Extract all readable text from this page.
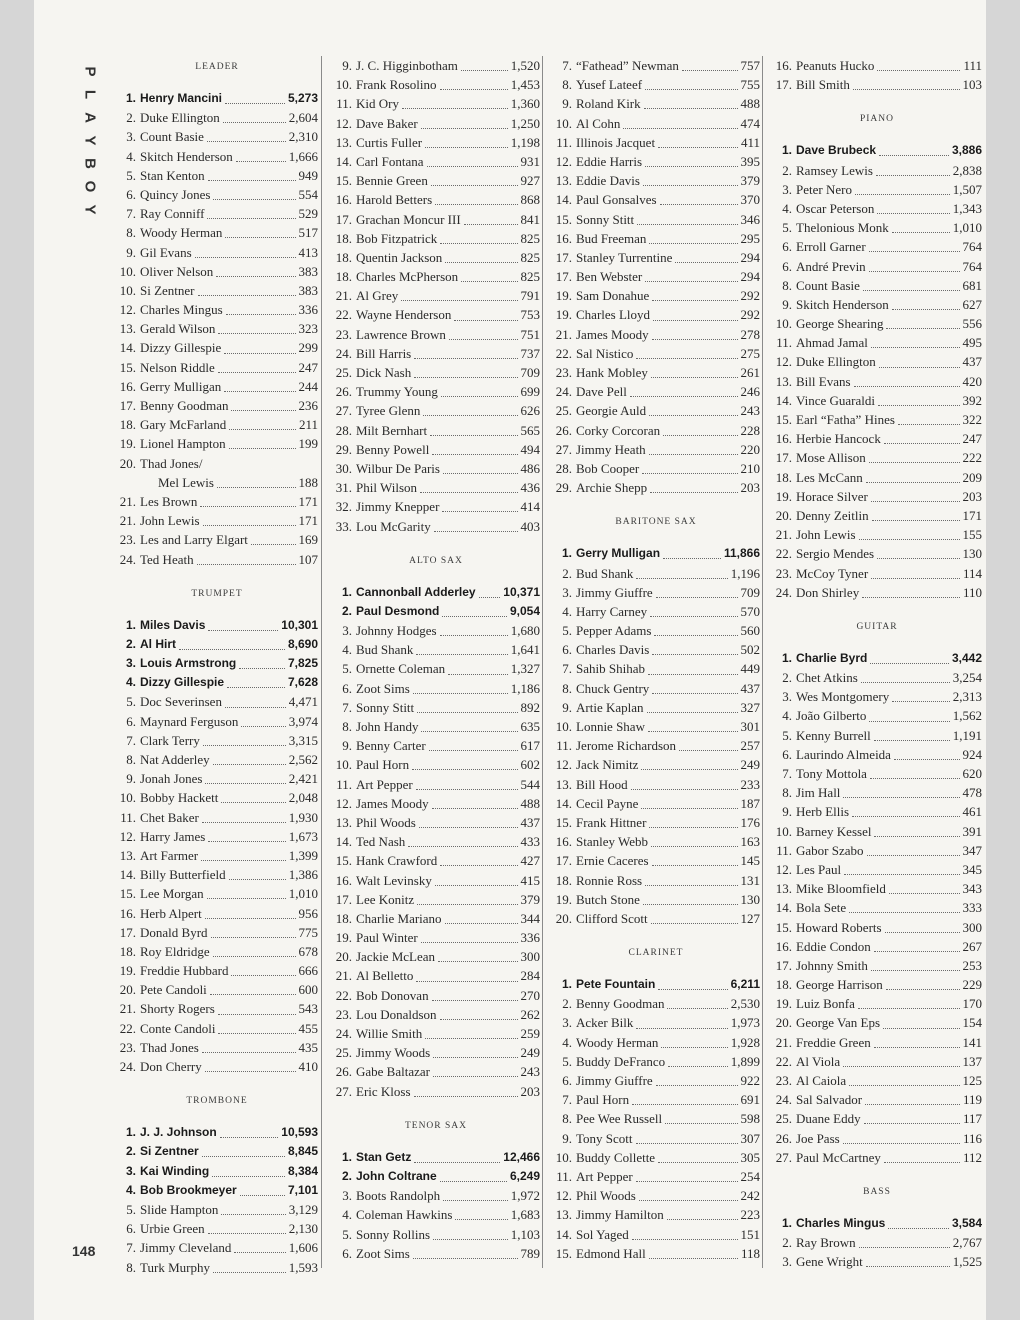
P
L
A
Y
B
O
Y
148
LEADER
1. Henry Mancini	5,273
2. Duke Ellington	2,604
3. Count Basie	2,310
4. Skitch Henderson	1,666
5. Stan Kenton	949
6. Quincy Jones	554
7. Ray Conniff	529
8. Woody Herman	517
9. Gil Evans	413
10. Oliver Nelson	383
10. Si Zentner	383
12. Charles Mingus	336
13. Gerald Wilson	323
14. Dizzy Gillespie	299
15. Nelson Riddle	247
16. Gerry Mulligan	244
17. Benny Goodman	236
18. Gary McFarland	211
19. Lionel Hampton	199
20. Thad Jones/
Mel Lewis	188
21. Les Brown	171
21. John Lewis	171
23. Les and Larry Elgart	169
24. Ted Heath	107
TRUMPET
1. Miles Davis	10,301
2. Al Hirt	8,690
3. Louis Armstrong	7,825
4. Dizzy Gillespie	7,628
5. Doc Severinsen	4,471
6. Maynard Ferguson	3,974
7. Clark Terry	3,315
8. Nat Adderley	2,562
9. Jonah Jones	2,421
10. Bobby Hackett	2,048
11. Chet Baker	1,930
12. Harry James	1,673
13. Art Farmer	1,399
14. Billy Butterfield	1,386
15. Lee Morgan	1,010
16. Herb Alpert	956
17. Donald Byrd	775
18. Roy Eldridge	678
19. Freddie Hubbard	666
20. Pete Candoli	600
21. Shorty Rogers	543
22. Conte Candoli	455
23. Thad Jones	435
24. Don Cherry	410
TROMBONE
1. J. J. Johnson	10,593
2. Si Zentner	8,845
3. Kai Winding	8,384
4. Bob Brookmeyer	7,101
5. Slide Hampton	3,129
6. Urbie Green	2,130
7. Jimmy Cleveland	1,606
8. Turk Murphy	1,593
9. J. C. Higginbotham	1,520
10. Frank Rosolino	1,453
11. Kid Ory	1,360
12. Dave Baker	1,250
13. Curtis Fuller	1,198
14. Carl Fontana	931
15. Bennie Green	927
16. Harold Betters	868
17. Grachan Moncur III	841
18. Bob Fitzpatrick	825
18. Quentin Jackson	825
18. Charles McPherson	825
21. Al Grey	791
22. Wayne Henderson	753
23. Lawrence Brown	751
24. Bill Harris	737
25. Dick Nash	709
26. Trummy Young	699
27. Tyree Glenn	626
28. Milt Bernhart	565
29. Benny Powell	494
30. Wilbur De Paris	486
31. Phil Wilson	436
32. Jimmy Knepper	414
33. Lou McGarity	403
ALTO SAX
1. Cannonball Adderley 10,371
2. Paul Desmond	9,054
3. Johnny Hodges	1,680
4. Bud Shank	1,641
5. Ornette Coleman	1,327
6. Zoot Sims	1,186
7. Sonny Stitt	892
8. John Handy	635
9. Benny Carter	617
10. Paul Horn	602
11. Art Pepper	544
12. James Moody	488
13. Phil Woods	437
14. Ted Nash	433
15. Hank Crawford	427
16. Walt Levinsky	415
17. Lee Konitz	379
18. Charlie Mariano	344
19. Paul Winter	336
20. Jackie McLean	300
21. Al Belletto	284
22. Bob Donovan	270
23. Lou Donaldson	262
24. Willie Smith	259
25. Jimmy Woods	249
26. Gabe Baltazar	243
27. Eric Kloss	203
TENOR SAX
1. Stan Getz	12,466
2. John Coltrane	6,249
3. Boots Randolph	1,972
4. Coleman Hawkins	1,683
5. Sonny Rollins	1,103
6. Zoot Sims	789
7. “Fathead” Newman	757
8. Yusef Lateef	755
9. Roland Kirk	488
10. Al Cohn	474
11. Illinois Jacquet	411
12. Eddie Harris	395
13. Eddie Davis	379
14. Paul Gonsalves	370
15. Sonny Stitt	346
16. Bud Freeman	295
17. Stanley Turrentine	294
17. Ben Webster	294
19. Sam Donahue	292
19. Charles Lloyd	292
21. James Moody	278
22. Sal Nistico	275
23. Hank Mobley	261
24. Dave Pell	246
25. Georgie Auld	243
26. Corky Corcoran	228
27. Jimmy Heath	220
28. Bob Cooper	210
29. Archie Shepp	203
BARITONE SAX
1. Gerry Mulligan	11,866
2. Bud Shank	1,196
3. Jimmy Giuffre	709
4. Harry Carney	570
5. Pepper Adams	560
6. Charles Davis	502
7. Sahib Shihab	449
8. Chuck Gentry	437
9. Artie Kaplan	327
10. Lonnie Shaw	301
11. Jerome Richardson	257
12. Jack Nimitz	249
13. Bill Hood	233
14. Cecil Payne	187
15. Frank Hittner	176
16. Stanley Webb	163
17. Ernie Caceres	145
18. Ronnie Ross	131
19. Butch Stone	130
20. Clifford Scott	127
CLARINET
1. Pete Fountain	6,211
2. Benny Goodman	2,530
3. Acker Bilk	1,973
4. Woody Herman	1,928
5. Buddy DeFranco	1,899
6. Jimmy Giuffre	922
7. Paul Horn	691
8. Pee Wee Russell	598
9. Tony Scott	307
10. Buddy Collette	305
11. Art Pepper	254
12. Phil Woods	242
13. Jimmy Hamilton	223
14. Sol Yaged	151
15. Edmond Hall	118
16. Peanuts Hucko	111
17. Bill Smith	103
PIANO
1. Dave Brubeck	3,886
2. Ramsey Lewis	2,838
3. Peter Nero	1,507
4. Oscar Peterson	1,343
5. Thelonious Monk	1,010
6. Erroll Garner	764
6. André Previn	764
8. Count Basie	681
9. Skitch Henderson	627
10. George Shearing	556
11. Ahmad Jamal	495
12. Duke Ellington	437
13. Bill Evans	420
14. Vince Guaraldi	392
15. Earl “Fatha” Hines	322
16. Herbie Hancock	247
17. Mose Allison	222
18. Les McCann	209
19. Horace Silver	203
20. Denny Zeitlin	171
21. John Lewis	155
22. Sergio Mendes	130
23. McCoy Tyner	114
24. Don Shirley	110
GUITAR
1. Charlie Byrd	3,442
2. Chet Atkins	3,254
3. Wes Montgomery	2,313
4. João Gilberto	1,562
5. Kenny Burrell	1,191
6. Laurindo Almeida	924
7. Tony Mottola	620
8. Jim Hall	478
9. Herb Ellis	461
10. Barney Kessel	391
11. Gabor Szabo	347
12. Les Paul	345
13. Mike Bloomfield	343
14. Bola Sete	333
15. Howard Roberts	300
16. Eddie Condon	267
17. Johnny Smith	253
18. George Harrison	229
19. Luiz Bonfa	170
20. George Van Eps	154
21. Freddie Green	141
22. Al Viola	137
23. Al Caiola	125
24. Sal Salvador	119
25. Duane Eddy	117
26. Joe Pass	116
27. Paul McCartney	112
BASS
1. Charles Mingus	3,584
2. Ray Brown	2,767
3. Gene Wright	1,525
